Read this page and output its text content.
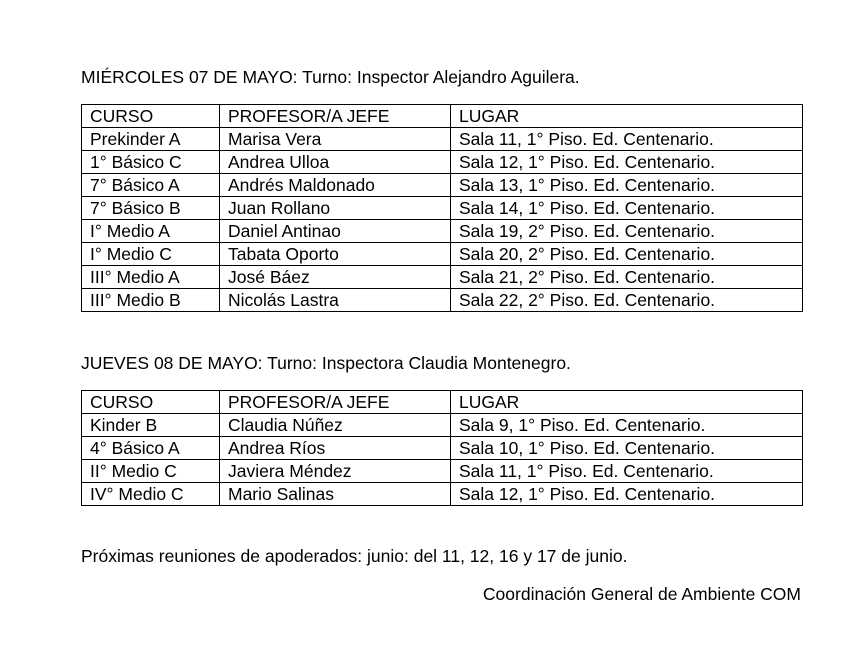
MIÉRCOLES 07 DE MAYO: Turno: Inspector Alejandro Aguilera.
CURSO	PROFESOR/A JEFE	LUGAR
Prekinder A	Marisa Vera	Sala 11, 1° Piso. Ed. Centenario.
1° Básico C	Andrea Ulloa	Sala 12, 1° Piso. Ed. Centenario.
7° Básico A	Andrés Maldonado	Sala 13, 1° Piso. Ed. Centenario.
7° Básico B	Juan Rollano	Sala 14, 1° Piso. Ed. Centenario.
I° Medio A	Daniel Antinao	Sala 19, 2° Piso. Ed. Centenario.
I° Medio C	Tabata Oporto	Sala 20, 2° Piso. Ed. Centenario.
III° Medio A	José Báez	Sala 21, 2° Piso. Ed. Centenario.
III° Medio B	Nicolás Lastra	Sala 22, 2° Piso. Ed. Centenario.
JUEVES 08 DE MAYO: Turno: Inspectora Claudia Montenegro.
CURSO	PROFESOR/A JEFE	LUGAR
Kinder B	Claudia Núñez	Sala 9, 1° Piso. Ed. Centenario.
4° Básico A	Andrea Ríos	Sala 10, 1° Piso. Ed. Centenario.
II° Medio C	Javiera Méndez	Sala 11, 1° Piso. Ed. Centenario.
IV° Medio C	Mario Salinas	Sala 12, 1° Piso. Ed. Centenario.
Próximas reuniones de apoderados: junio: del 11, 12, 16 y 17 de junio.
Coordinación General de Ambiente COM
